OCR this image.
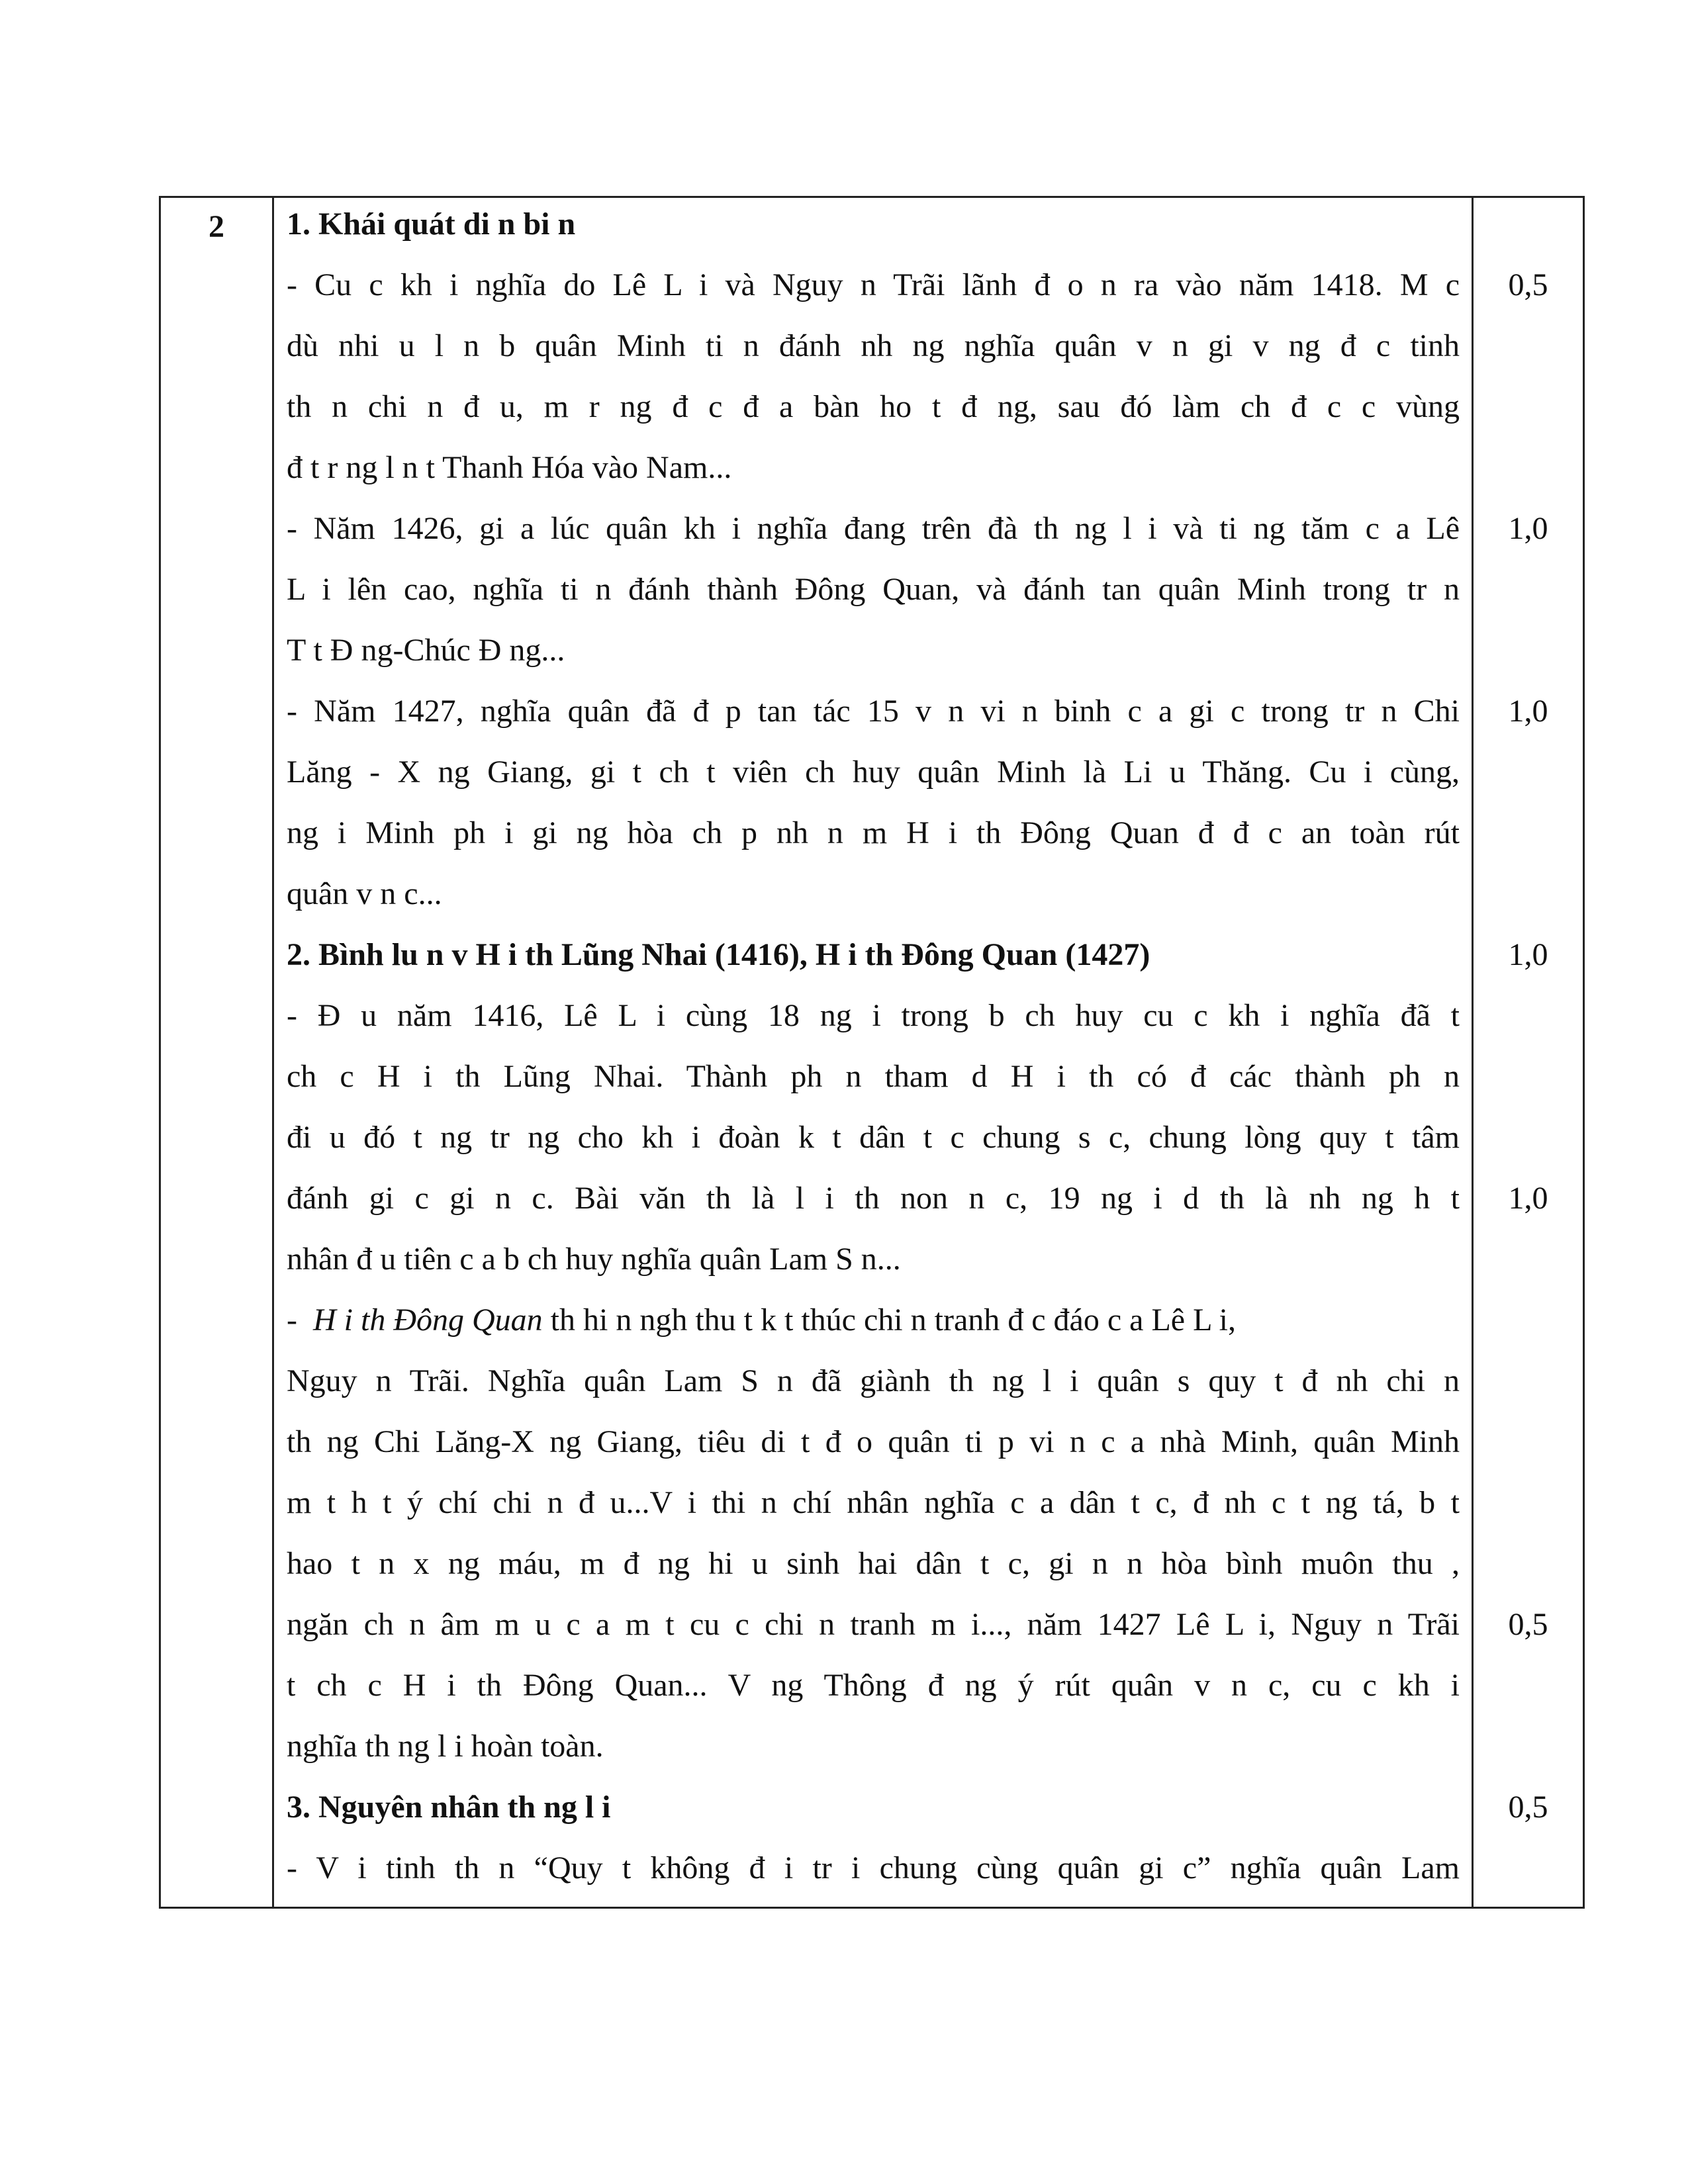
2	1. Khái quát di n bi n
- Cu c kh i nghĩa do Lê L i và Nguy n Trãi lãnh đ o n ra vào năm 1418. M c
dù nhi u l n b quân Minh ti n đánh nh ng nghĩa quân v n gi v ng đ c tinh
th n chi n đ u, m r ng đ c đ a bàn ho t đ ng, sau đó làm ch đ c c vùng
đ t r ng l n t Thanh Hóa vào Nam...
- Năm 1426, gi a lúc quân kh i nghĩa đang trên đà th ng l i và ti ng tăm c a Lê
L i lên cao, nghĩa ti n đánh thành Đông Quan, và đánh tan quân Minh trong tr n
T t Đ ng-Chúc Đ ng...
- Năm 1427, nghĩa quân đã đ p tan tác 15 v n vi n binh c a gi c trong tr n Chi
Lăng - X ng Giang, gi t ch t viên ch huy quân Minh là Li u Thăng. Cu i cùng,
ng i Minh ph i gi ng hòa ch p nh n m H i th Đông Quan đ đ c an toàn rút
quân v n c...
2. Bình lu n v H i th Lũng Nhai (1416), H i th Đông Quan (1427)
- Đ u năm 1416, Lê L i cùng 18 ng i trong b ch huy cu c kh i nghĩa đã t
ch c H i th Lũng Nhai. Thành ph n tham d H i th có đ các thành ph n
đi u đó t ng tr ng cho kh i đoàn k t dân t c chung s c, chung lòng quy t tâm
đánh gi c gi n c. Bài văn th là l i th non n c, 19 ng i d th là nh ng h t
nhân đ u tiên c a b ch huy nghĩa quân Lam S n...
- H i th Đông Quan th hi n ngh thu t k t thúc chi n tranh đ c đáo c a Lê L i,
Nguy n Trãi. Nghĩa quân Lam S n đã giành th ng l i quân s quy t đ nh chi n
th ng Chi Lăng-X ng Giang, tiêu di t đ o quân ti p vi n c a nhà Minh, quân Minh
m t h t ý chí chi n đ u...V i thi n chí nhân nghĩa c a dân t c, đ nh c t ng tá, b t
hao t n x ng máu, m đ ng hi u sinh hai dân t c, gi n n hòa bình muôn thu ,
ngăn ch n âm m u c a m t cu c chi n tranh m i..., năm 1427 Lê L i, Nguy n Trãi
t ch c H i th Đông Quan... V ng Thông đ ng ý rút quân v n c, cu c kh i
nghĩa th ng l i hoàn toàn.
3. Nguyên nhân th ng l i
- V i tinh th n “Quy t không đ i tr i chung cùng quân gi c” nghĩa quân Lam
0,5
1,0
1,0
1,0
1,0
0,5
0,5
